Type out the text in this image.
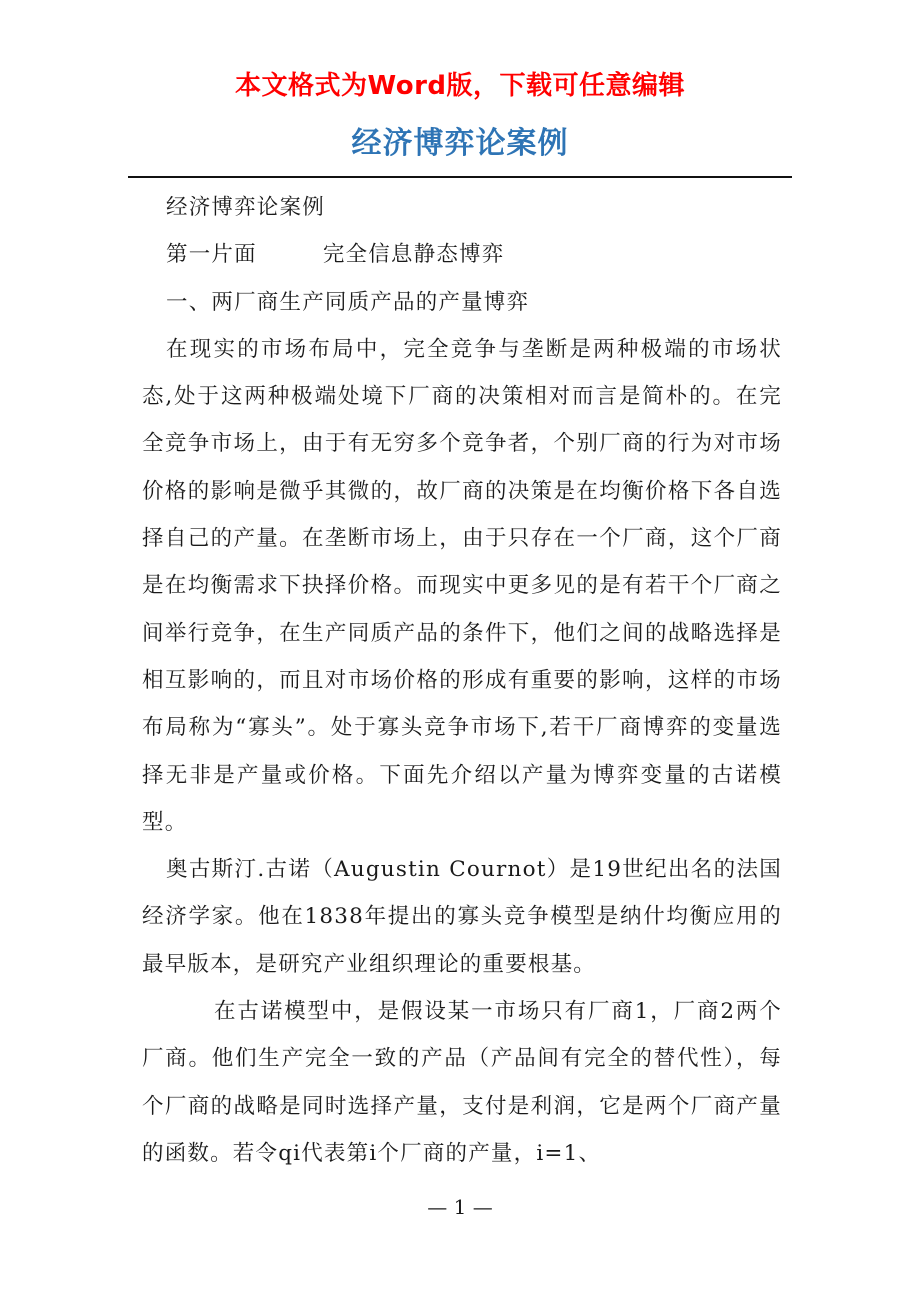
本文格式为Word版，下载可任意编辑
经济博弈论案例

经济博弈论案例

第一片面	完全信息静态博弈

一、两厂商生产同质产品的产量博弈

在现实的市场布局中，完全竞争与垄断是两种极端的市场状态,处于这两种极端处境下厂商的决策相对而言是简朴的。在完全竞争市场上，由于有无穷多个竞争者，个别厂商的行为对市场价格的影响是微乎其微的，故厂商的决策是在均衡价格下各自选择自己的产量。在垄断市场上，由于只存在一个厂商，这个厂商是在均衡需求下抉择价格。而现实中更多见的是有若干个厂商之间举行竞争，在生产同质产品的条件下，他们之间的战略选择是相互影响的，而且对市场价格的形成有重要的影响，这样的市场布局称为“寡头”。处于寡头竞争市场下,若干厂商博弈的变量选择无非是产量或价格。下面先介绍以产量为博弈变量的古诺模型。

奥古斯汀.古诺（Augustin Cournot）是19世纪出名的法国经济学家。他在1838年提出的寡头竞争模型是纳什均衡应用的最早版本，是研究产业组织理论的重要根基。

在古诺模型中，是假设某一市场只有厂商1，厂商2两个厂商。他们生产完全一致的产品（产品间有完全的替代性），每个厂商的战略是同时选择产量，支付是利润，它是两个厂商产量的函数。若令qi代表第i个厂商的产量，i=1、

— 1 —
